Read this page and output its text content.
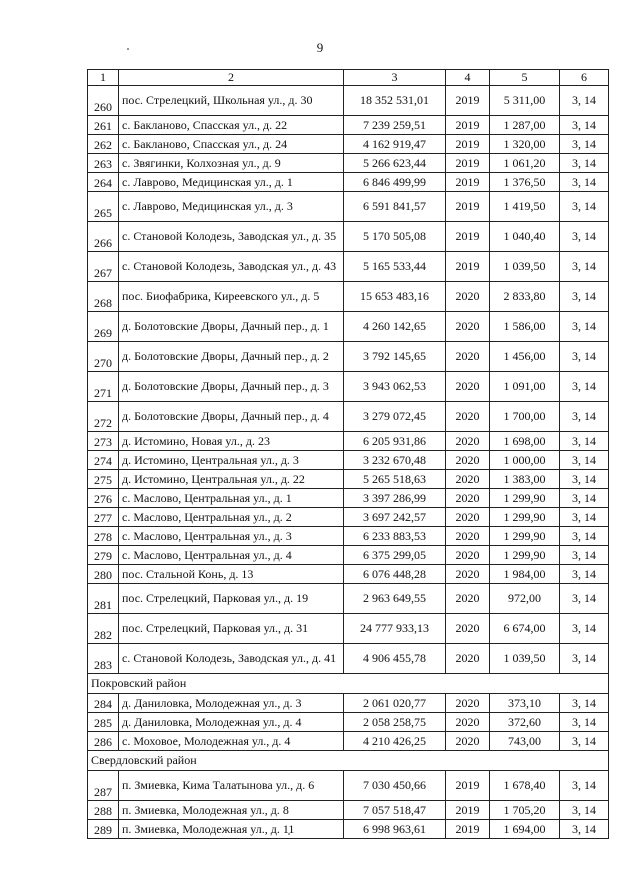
9
1	2	3	4	5	6
260	пос. Стрелецкий, Школьная ул., д. 30	18 352 531,01	2019	5 311,00	3, 14
261	с. Бакланово, Спасская ул., д. 22	7 239 259,51	2019	1 287,00	3, 14
262	с. Бакланово, Спасская ул., д. 24	4 162 919,47	2019	1 320,00	3, 14
263	с. Звягинки, Колхозная ул., д. 9	5 266 623,44	2019	1 061,20	3, 14
264	с. Лаврово, Медицинская ул., д. 1	6 846 499,99	2019	1 376,50	3, 14
265	с. Лаврово, Медицинская ул., д. 3	6 591 841,57	2019	1 419,50	3, 14
266	с. Становой Колодезь, Заводская ул., д. 35	5 170 505,08	2019	1 040,40	3, 14
267	с. Становой Колодезь, Заводская ул., д. 43	5 165 533,44	2019	1 039,50	3, 14
268	пос. Биофабрика, Киреевского ул., д. 5	15 653 483,16	2020	2 833,80	3, 14
269	д. Болотовские Дворы, Дачный пер., д. 1	4 260 142,65	2020	1 586,00	3, 14
270	д. Болотовские Дворы, Дачный пер., д. 2	3 792 145,65	2020	1 456,00	3, 14
271	д. Болотовские Дворы, Дачный пер., д. 3	3 943 062,53	2020	1 091,00	3, 14
272	д. Болотовские Дворы, Дачный пер., д. 4	3 279 072,45	2020	1 700,00	3, 14
273	д. Истомино, Новая ул., д. 23	6 205 931,86	2020	1 698,00	3, 14
274	д. Истомино, Центральная ул., д. 3	3 232 670,48	2020	1 000,00	3, 14
275	д. Истомино, Центральная ул., д. 22	5 265 518,63	2020	1 383,00	3, 14
276	с. Маслово, Центральная ул., д. 1	3 397 286,99	2020	1 299,90	3, 14
277	с. Маслово, Центральная ул., д. 2	3 697 242,57	2020	1 299,90	3, 14
278	с. Маслово, Центральная ул., д. 3	6 233 883,53	2020	1 299,90	3, 14
279	с. Маслово, Центральная ул., д. 4	6 375 299,05	2020	1 299,90	3, 14
280	пос. Стальной Конь, д. 13	6 076 448,28	2020	1 984,00	3, 14
281	пос. Стрелецкий, Парковая ул., д. 19	2 963 649,55	2020	972,00	3, 14
282	пос. Стрелецкий, Парковая ул., д. 31	24 777 933,13	2020	6 674,00	3, 14
283	с. Становой Колодезь, Заводская ул., д. 41	4 906 455,78	2020	1 039,50	3, 14
Покровский район					
284	д. Даниловка, Молодежная ул., д. 3	2 061 020,77	2020	373,10	3, 14
285	д. Даниловка, Молодежная ул., д. 4	2 058 258,75	2020	372,60	3, 14
286	с. Моховое, Молодежная ул., д. 4	4 210 426,25	2020	743,00	3, 14
Свердловский район					
287	п. Змиевка, Кима Талатынова ул., д. 6	7 030 450,66	2019	1 678,40	3, 14
288	п. Змиевка, Молодежная ул., д. 8	7 057 518,47	2019	1 705,20	3, 14
289	п. Змиевка, Молодежная ул., д. 11	6 998 963,61	2019	1 694,00	3, 14
